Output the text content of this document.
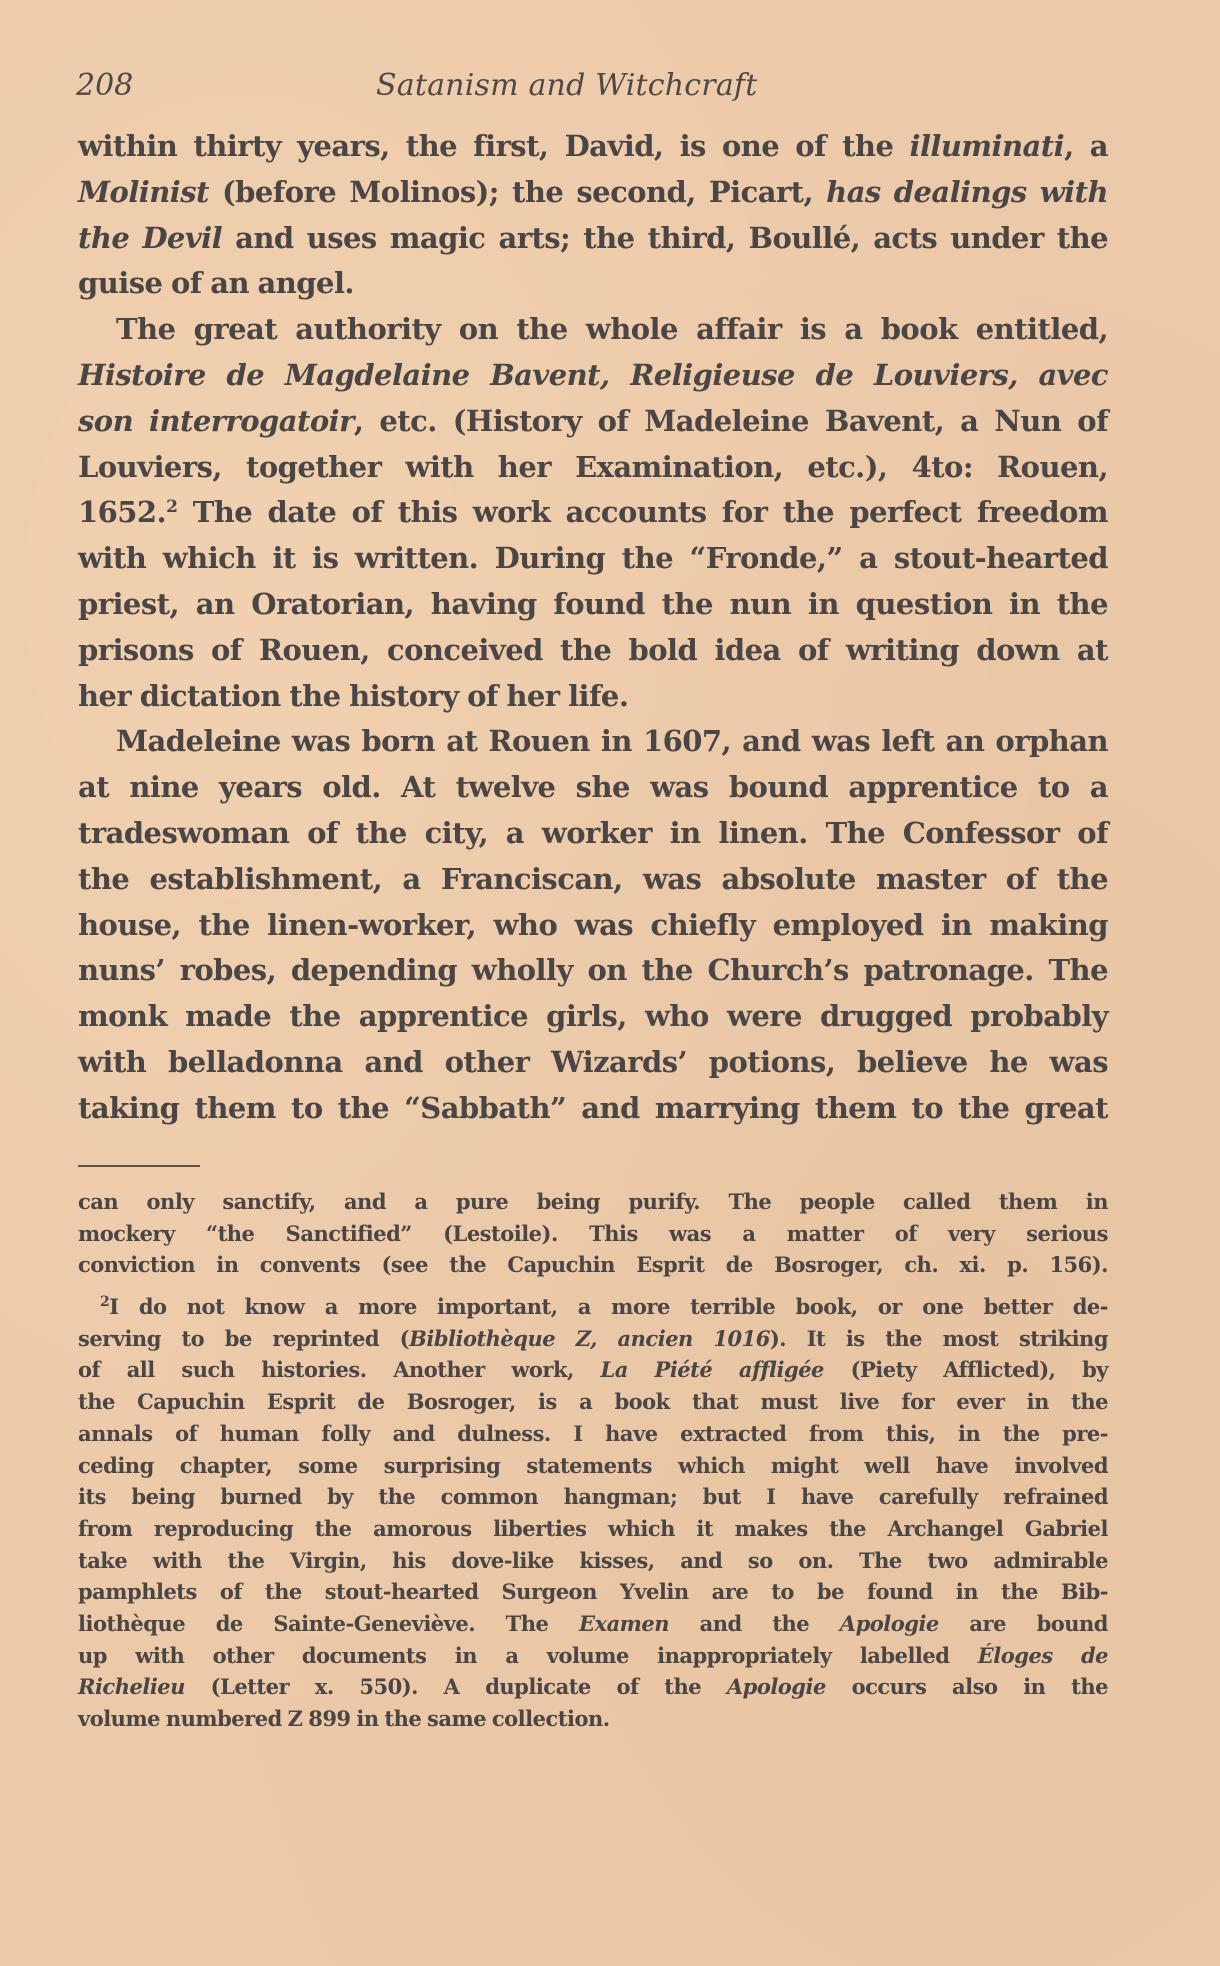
208	Satanism and Witchcraft
within thirty years, the first, David, is one of the illuminati, a
Molinist (before Molinos); the second, Picart, has dealings with
the Devil and uses magic arts; the third, Boullé, acts under the
guise of an angel.
The great authority on the whole affair is a book entitled,
Histoire de Magdelaine Bavent, Religieuse de Louviers, avec
son interrogatoir, etc. (History of Madeleine Bavent, a Nun of
Louviers, together with her Examination, etc.), 4to: Rouen,
1652.$^2$ The date of this work accounts for the perfect freedom
with which it is written. During the “Fronde,” a stout-hearted
priest, an Oratorian, having found the nun in question in the
prisons of Rouen, conceived the bold idea of writing down at
her dictation the history of her life.
Madeleine was born at Rouen in 1607, and was left an orphan
at nine years old. At twelve she was bound apprentice to a
tradeswoman of the city, a worker in linen. The Confessor of
the establishment, a Franciscan, was absolute master of the
house, the linen-worker, who was chiefly employed in making
nuns’ robes, depending wholly on the Church’s patronage. The
monk made the apprentice girls, who were drugged probably
with belladonna and other Wizards’ potions, believe he was
taking them to the “Sabbath” and marrying them to the great
can only sanctify, and a pure being purify. The people called them in
mockery “the Sanctified” (Lestoile). This was a matter of very serious
conviction in convents (see the Capuchin Esprit de Bosroger, ch. xi. p. 156).
$^2$I do not know a more important, a more terrible book, or one better de-
serving to be reprinted (Bibliothèque Z, ancien 1016). It is the most striking
of all such histories. Another work, La Piété affligée (Piety Afflicted), by
the Capuchin Esprit de Bosroger, is a book that must live for ever in the
annals of human folly and dulness. I have extracted from this, in the pre-
ceding chapter, some surprising statements which might well have involved
its being burned by the common hangman; but I have carefully refrained
from reproducing the amorous liberties which it makes the Archangel Gabriel
take with the Virgin, his dove-like kisses, and so on. The two admirable
pamphlets of the stout-hearted Surgeon Yvelin are to be found in the Bib-
liothèque de Sainte-Geneviève. The Examen and the Apologie are bound
up with other documents in a volume inappropriately labelled Éloges de
Richelieu (Letter x. 550). A duplicate of the Apologie occurs also in the
volume numbered Z 899 in the same collection.
